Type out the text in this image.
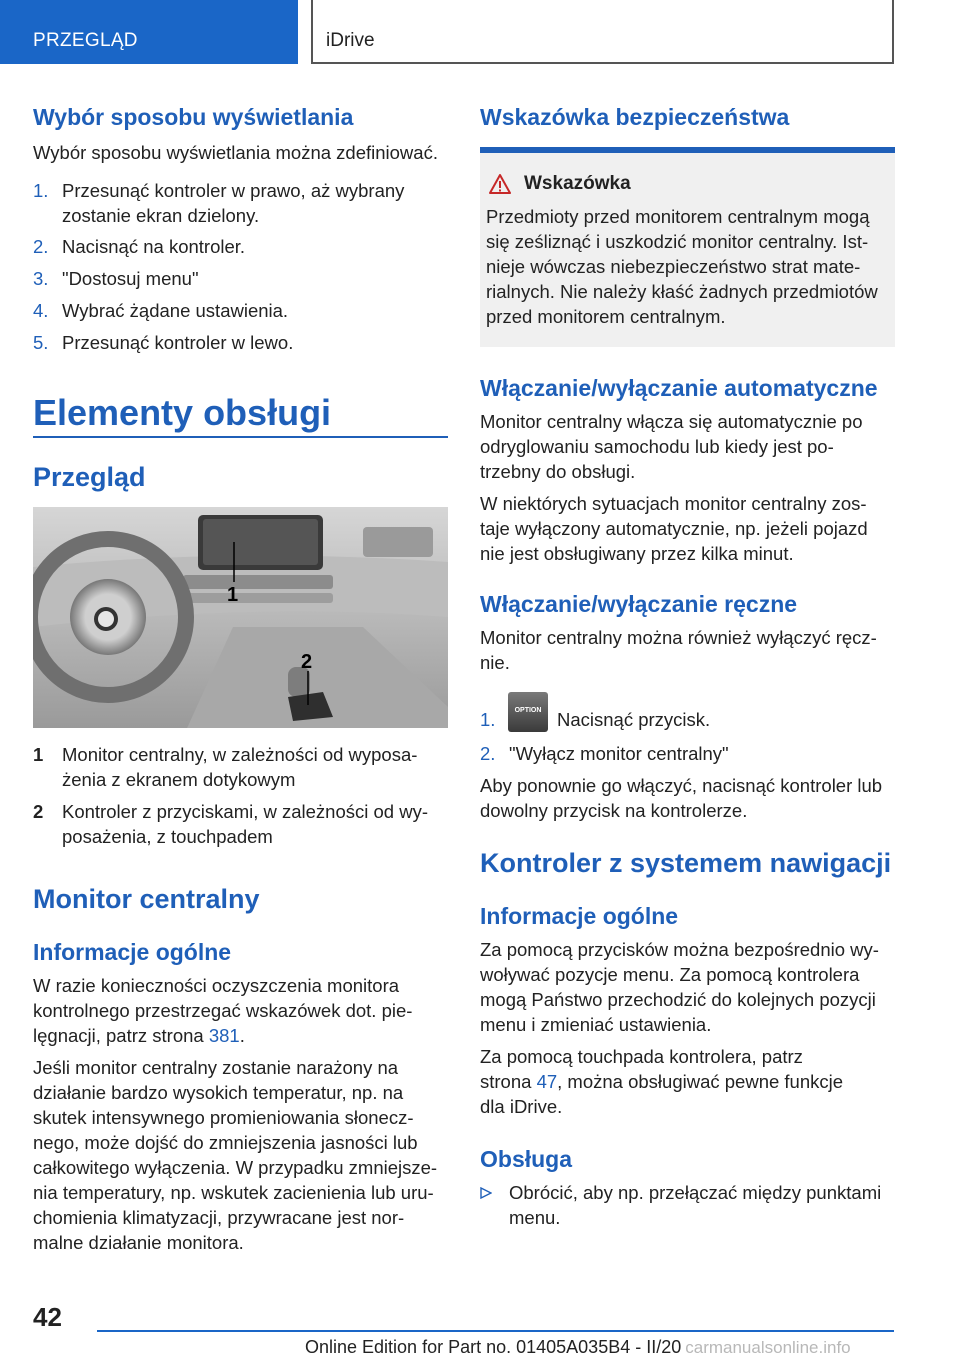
PRZEGLĄD	iDrive
Wybór sposobu wyświetlania

Wybór sposobu wyświetlania można zdefiniować.

1. Przesunąć kontroler w prawo, aż wybrany
zostanie ekran dzielony.
2. Nacisnąć na kontroler.
3. "Dostosuj menu"
4. Wybrać żądane ustawienia.
5. Przesunąć kontroler w lewo.
Elementy obsługi
Przegląd
1
2
1 Monitor centralny, w zależności od wyposa-
żenia z ekranem dotykowym
2 Kontroler z przyciskami, w zależności od wy-
posażenia, z touchpadem
Monitor centralny
Informacje ogólne
W razie konieczności oczyszczenia monitora
kontrolnego przestrzegać wskazówek dot. pie-
lęgnacji, patrz strona 381.
Jeśli monitor centralny zostanie narażony na
działanie bardzo wysokich temperatur, np. na
skutek intensywnego promieniowania słonecz-
nego, może dojść do zmniejszenia jasności lub
całkowitego wyłączenia. W przypadku zmniejsze-
nia temperatury, np. wskutek zacienienia lub uru-
chomienia klimatyzacji, przywracane jest nor-
malne działanie monitora.
Wskazówka bezpieczeństwa
Wskazówka
Przedmioty przed monitorem centralnym mogą
się ześliznąć i uszkodzić monitor centralny. Ist-
nieje wówczas niebezpieczeństwo strat mate-
rialnych. Nie należy kłaść żadnych przedmiotów
przed monitorem centralnym.
Włączanie/wyłączanie automatyczne
Monitor centralny włącza się automatycznie po
odryglowaniu samochodu lub kiedy jest po-
trzebny do obsługi.
W niektórych sytuacjach monitor centralny zos-
taje wyłączony automatycznie, np. jeżeli pojazd
nie jest obsługiwany przez kilka minut.
Włączanie/wyłączanie ręczne
Monitor centralny można również wyłączyć ręcz-
nie.
1.	Nacisnąć przycisk.
OPTION
2. "Wyłącz monitor centralny"
Aby ponownie go włączyć, nacisnąć kontroler lub
dowolny przycisk na kontrolerze.
Kontroler z systemem nawigacji
Informacje ogólne
Za pomocą przycisków można bezpośrednio wy-
woływać pozycje menu. Za pomocą kontrolera
mogą Państwo przechodzić do kolejnych pozycji
menu i zmieniać ustawienia.
Za pomocą touchpada kontrolera, patrz
strona 47, można obsługiwać pewne funkcje
dla iDrive.
Obsługa
Obrócić, aby np. przełączać między punktami
menu.
42
Online Edition for Part no. 01405A035B4 - II/20 carmanualsonline.info
